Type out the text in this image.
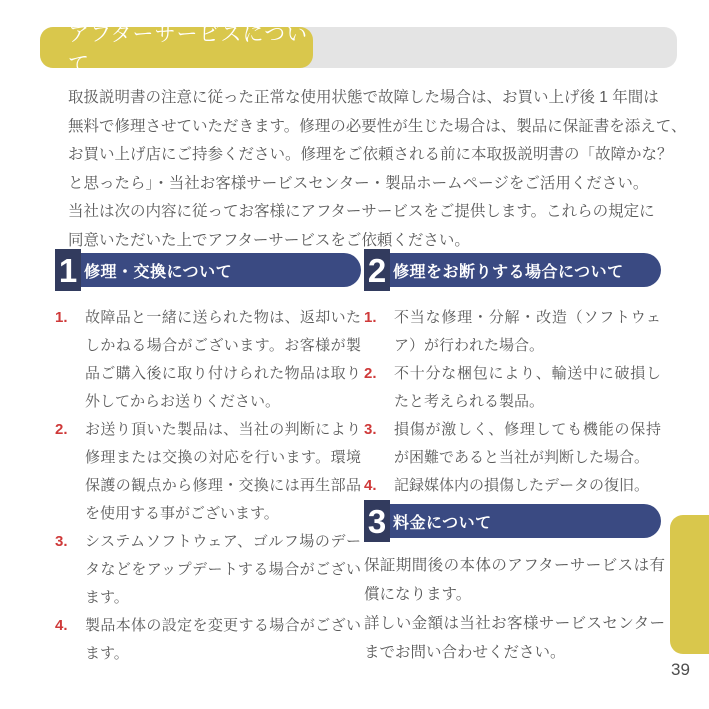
アフターサービスについて
取扱説明書の注意に従った正常な使用状態で故障した場合は、お買い上げ後 1 年間は
無料で修理させていただきます。修理の必要性が生じた場合は、製品に保証書を添えて、
お買い上げ店にご持参ください。修理をご依頼される前に本取扱説明書の「故障かな？
と思ったら」・当社お客様サービスセンター・製品ホームページをご活用ください。
当社は次の内容に従ってお客様にアフターサービスをご提供します。これらの規定に
同意いただいた上でアフターサービスをご依頼ください。
1 修理・交換について
1.	故障品と一緒に送られた物は、返却いたしかねる場合がございます。お客様が製品ご購入後に取り付けられた物品は取り外してからお送りください。
2.	お送り頂いた製品は、当社の判断により修理または交換の対応を行います。環境保護の観点から修理・交換には再生部品を使用する事がございます。
3.	システムソフトウェア、ゴルフ場のデータなどをアップデートする場合がございます。
4.	製品本体の設定を変更する場合がございます。
2 修理をお断りする場合について
1.	不当な修理・分解・改造（ソフトウェア）が行われた場合。
2.	不十分な梱包により、輸送中に破損したと考えられる製品。
3.	損傷が激しく、修理しても機能の保持が困難であると当社が判断した場合。
4.	記録媒体内の損傷したデータの復旧。
3 料金について

保証期間後の本体のアフターサービスは有償になります。

詳しい金額は当社お客様サービスセンターまでお問い合わせください。

39
